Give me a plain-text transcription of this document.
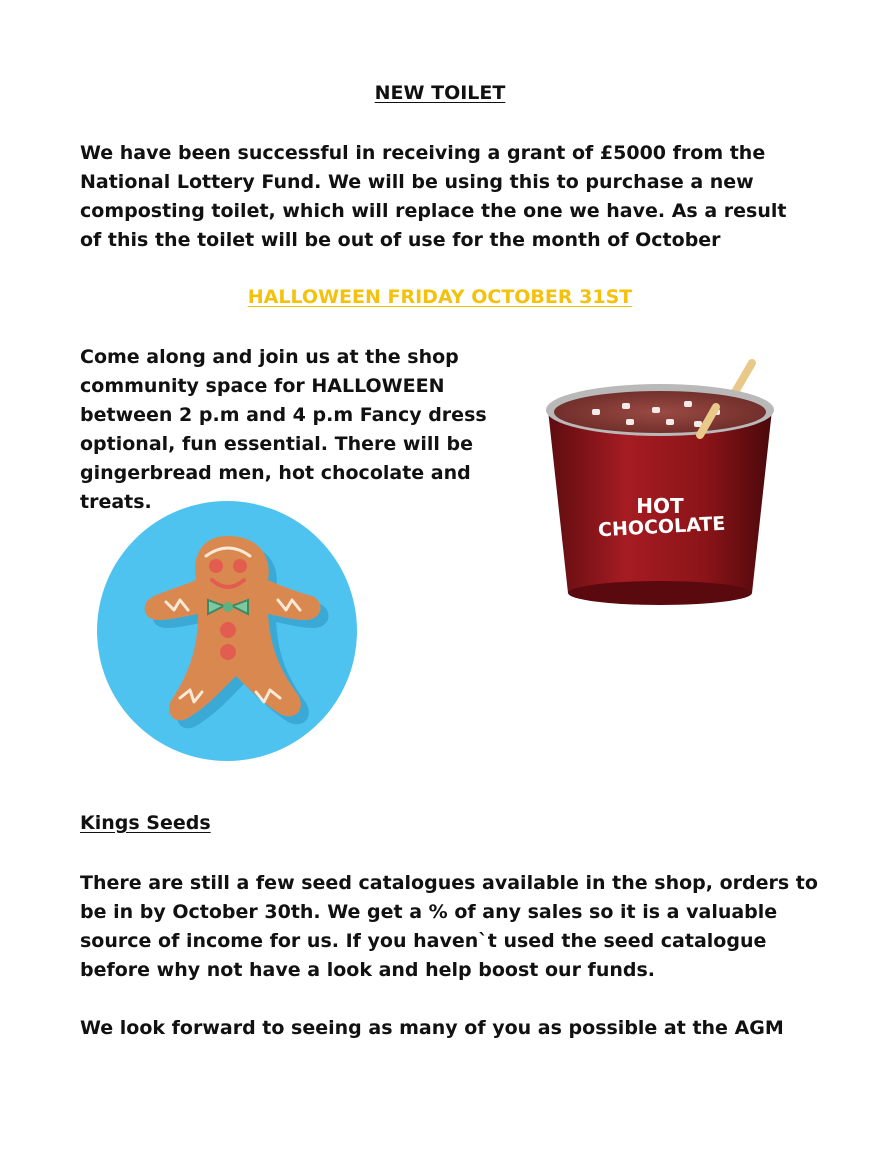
NEW TOILET

We have been successful in receiving a grant of £5000 from the National Lottery Fund. We will be using this to purchase a new composting toilet, which will replace the one we have. As a result of this the toilet will be out of use for the month of October

HALLOWEEN FRIDAY OCTOBER 31ST

Come along and join us at the shop community space for HALLOWEEN between 2 p.m and 4 p.m Fancy dress optional, fun essential. There will be gingerbread men, hot chocolate and treats.	HOT
CHOCOLATE
Kings Seeds

There are still a few seed catalogues available in the shop, orders to be in by October 30th. We get a % of any sales so it is a valuable source of income for us. If you haven`t used the seed catalogue before why not have a look and help boost our funds.

We look forward to seeing as many of you as possible at the AGM
